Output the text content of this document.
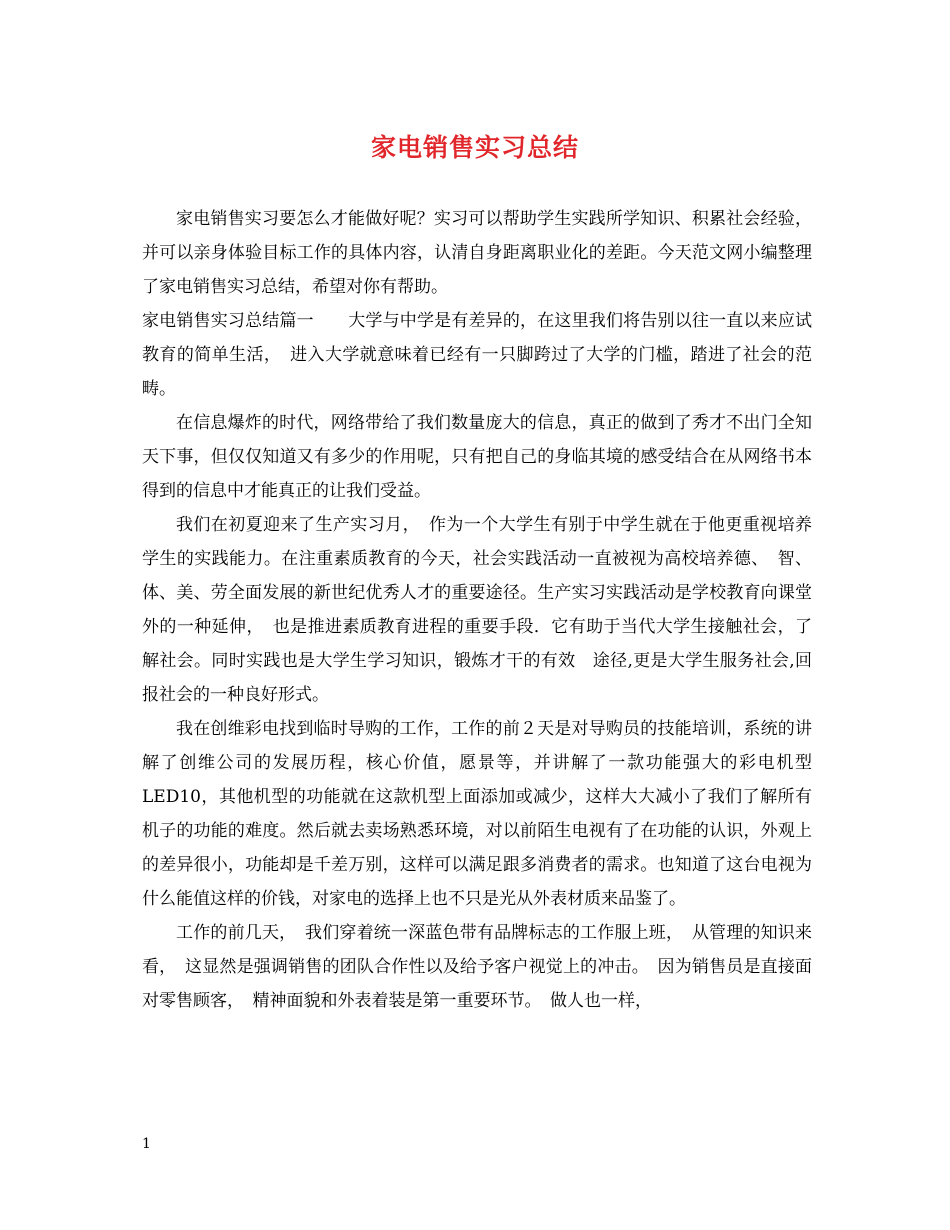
家电销售实习总结

家电销售实习要怎么才能做好呢？实习可以帮助学生实践所学知识、积累社会经验，并可以亲身体验目标工作的具体内容，认清自身距离职业化的差距。今天范文网小编整理了家电销售实习总结，希望对你有帮助。

家电销售实习总结篇一　　大学与中学是有差异的，在这里我们将告别以往一直以来应试教育的简单生活，　进入大学就意味着已经有一只脚跨过了大学的门槛，踏进了社会的范畴。

在信息爆炸的时代，网络带给了我们数量庞大的信息，真正的做到了秀才不出门全知天下事，但仅仅知道又有多少的作用呢，只有把自己的身临其境的感受结合在从网络书本得到的信息中才能真正的让我们受益。

我们在初夏迎来了生产实习月，　作为一个大学生有别于中学生就在于他更重视培养学生的实践能力。在注重素质教育的今天，社会实践活动一直被视为高校培养德、　智、体、美、劳全面发展的新世纪优秀人才的重要途径。生产实习实践活动是学校教育向课堂外的一种延伸，　也是推进素质教育进程的重要手段．它有助于当代大学生接触社会，了解社会。同时实践也是大学生学习知识，锻炼才干的有效　途径,更是大学生服务社会,回报社会的一种良好形式。

我在创维彩电找到临时导购的工作，工作的前２天是对导购员的技能培训，系统的讲解了创维公司的发展历程，核心价值，愿景等，并讲解了一款功能强大的彩电机型LED10，其他机型的功能就在这款机型上面添加或减少，这样大大减小了我们了解所有机子的功能的难度。然后就去卖场熟悉环境，对以前陌生电视有了在功能的认识，外观上的差异很小，功能却是千差万别，这样可以满足跟多消费者的需求。也知道了这台电视为什么能值这样的价钱，对家电的选择上也不只是光从外表材质来品鉴了。

工作的前几天，　我们穿着统一深蓝色带有品牌标志的工作服上班，　从管理的知识来看，　这显然是强调销售的团队合作性以及给予客户视觉上的冲击。　因为销售员是直接面对零售顾客，　精神面貌和外表着装是第一重要环节。　做人也一样，

1
